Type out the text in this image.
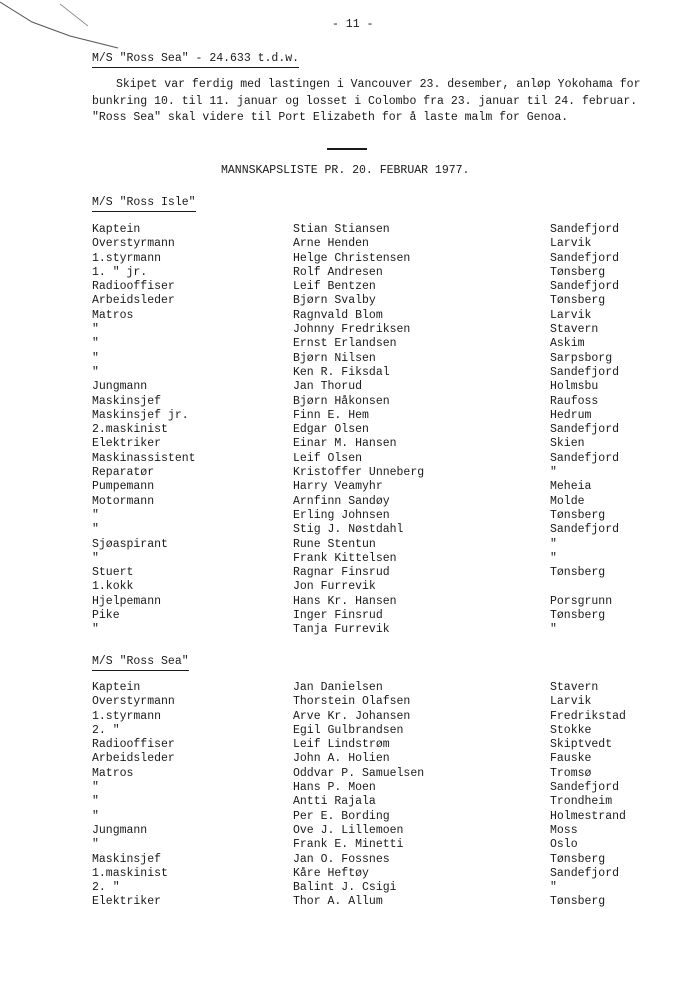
- 11 -
M/S "Ross Sea" - 24.633 t.d.w.

Skipet var ferdig med lastingen i Vancouver 23. desember, anløp Yokohama for bunkring 10. til 11. januar og losset i Colombo fra 23. januar til 24. februar. "Ross Sea" skal videre til Port Elizabeth for å laste malm for Genoa.

MANNSKAPSLISTE PR. 20. FEBRUAR 1977.
M/S "Ross Isle"
Kaptein	Stian Stiansen	Sandefjord
Overstyrmann	Arne Henden	Larvik
1.styrmann	Helge Christensen	Sandefjord
1. " jr.	Rolf Andresen	Tønsberg
Radiooffiser	Leif Bentzen	Sandefjord
Arbeidsleder	Bjørn Svalby	Tønsberg
Matros	Ragnvald Blom	Larvik
"	Johnny Fredriksen	Stavern
"	Ernst Erlandsen	Askim
"	Bjørn Nilsen	Sarpsborg
"	Ken R. Fiksdal	Sandefjord
Jungmann	Jan Thorud	Holmsbu
Maskinsjef	Bjørn Håkonsen	Raufoss
Maskinsjef jr.	Finn E. Hem	Hedrum
2.maskinist	Edgar Olsen	Sandefjord
Elektriker	Einar M. Hansen	Skien
Maskinassistent	Leif Olsen	Sandefjord
Reparatør	Kristoffer Unneberg	"
Pumpemann	Harry Veamyhr	Meheia
Motormann	Arnfinn Sandøy	Molde
"	Erling Johnsen	Tønsberg
"	Stig J. Nøstdahl	Sandefjord
Sjøaspirant	Rune Stentun	"
"	Frank Kittelsen	"
Stuert	Ragnar Finsrud	Tønsberg
1.kokk	Jon Furrevik
Hjelpemann	Hans Kr. Hansen	Porsgrunn
Pike	Inger Finsrud	Tønsberg
"	Tanja Furrevik	"
M/S "Ross Sea"
Kaptein	Jan Danielsen	Stavern
Overstyrmann	Thorstein Olafsen	Larvik
1.styrmann	Arve Kr. Johansen	Fredrikstad
2. "	Egil Gulbrandsen	Stokke
Radiooffiser	Leif Lindstrøm	Skiptvedt
Arbeidsleder	John A. Holien	Fauske
Matros	Oddvar P. Samuelsen	Tromsø
"	Hans P. Moen	Sandefjord
"	Antti Rajala	Trondheim
"	Per E. Bording	Holmestrand
Jungmann	Ove J. Lillemoen	Moss
"	Frank E. Minetti	Oslo
Maskinsjef	Jan O. Fossnes	Tønsberg
1.maskinist	Kåre Heftøy	Sandefjord
2. "	Balint J. Csigi	"
Elektriker	Thor A. Allum	Tønsberg
